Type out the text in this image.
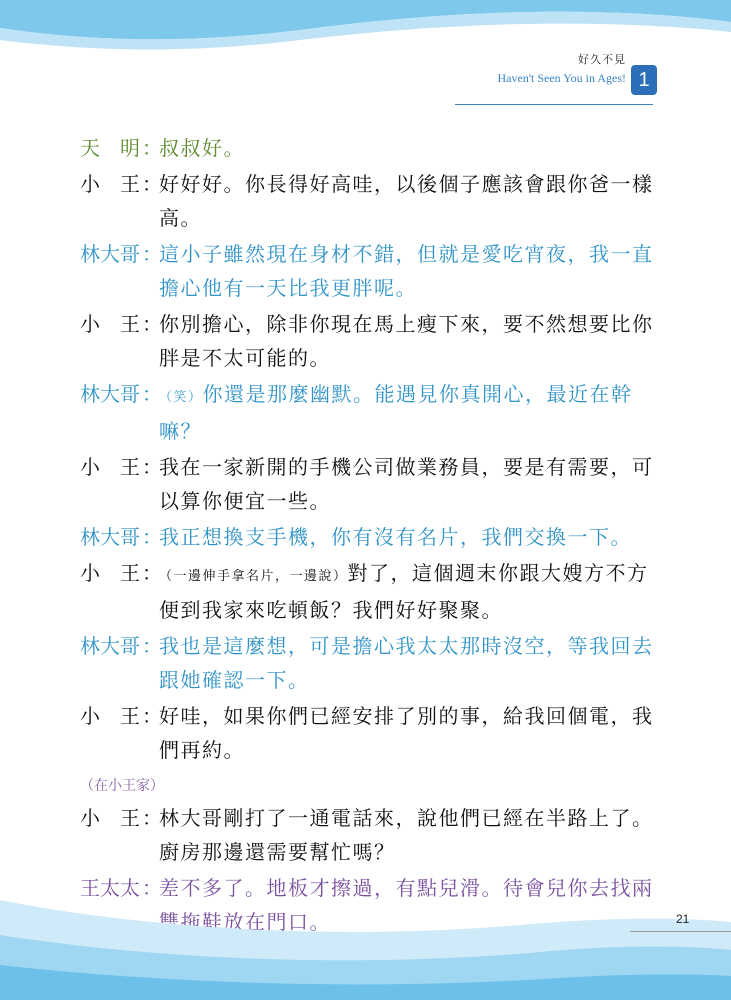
好久不見
Haven't Seen You in Ages! 1
天　明 ：
叔叔好。
小　王 ：
好好好。你長得好高哇，以後個子應該會跟你爸一樣高。
林大哥 ：
這小子雖然現在身材不錯，但就是愛吃宵夜，我一直擔心他有一天比我更胖呢。
小　王 ：
你別擔心，除非你現在馬上瘦下來，要不然想要比你胖是不太可能的。
林大哥 ：
（笑）你還是那麼幽默。能遇見你真開心，最近在幹嘛？
小　王 ：
我在一家新開的手機公司做業務員，要是有需要，可以算你便宜一些。
林大哥 ：
我正想換支手機，你有沒有名片，我們交換一下。
小　王 ：
（一邊伸手拿名片，一邊說）對了，這個週末你跟大嫂方不方便到我家來吃頓飯？我們好好聚聚。
林大哥 ：
我也是這麼想，可是擔心我太太那時沒空，等我回去跟她確認一下。
小　王 ：
好哇，如果你們已經安排了別的事，給我回個電，我們再約。
（在小王家）
小　王 ：
林大哥剛打了一通電話來，說他們已經在半路上了。廚房那邊還需要幫忙嗎？
王太太 ：
差不多了。地板才擦過，有點兒滑。待會兒你去找兩雙拖鞋放在門口。	21
